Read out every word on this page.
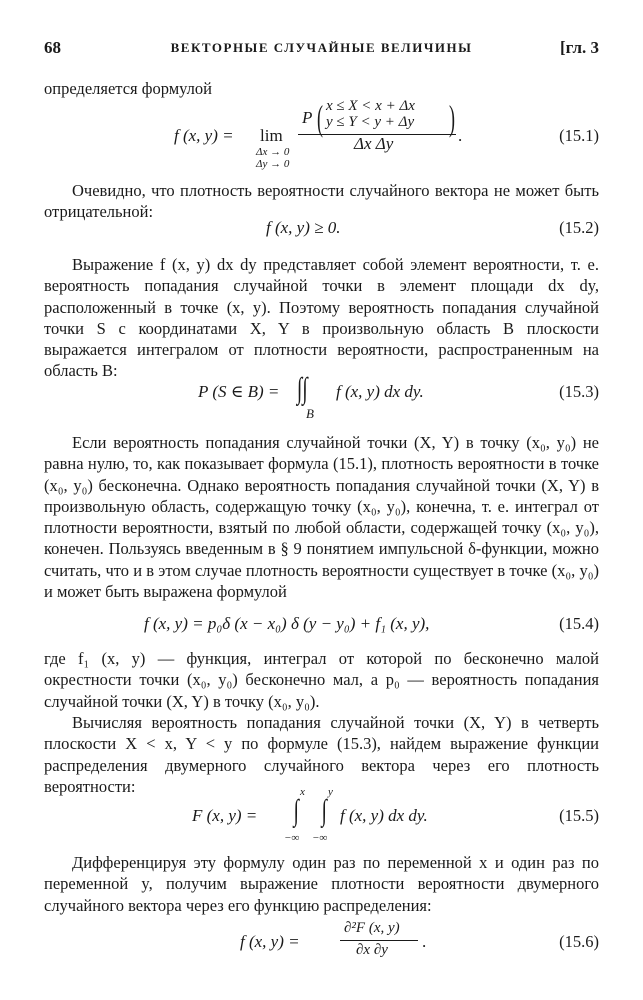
68	ВЕКТОРНЫЕ СЛУЧАЙНЫЕ ВЕЛИЧИНЫ	[гл. 3

определяется формулой

f (x, y) = lim
Δx → 0
Δy → 0
P ( x ≤ X < x + Δx
y ≤ Y < y + Δy )
Δx Δy	.	(15.1)

Очевидно, что плотность вероятности случайного вектора не может быть отрицательной:

f (x, y) ≥ 0.	(15.2)

Выражение f (x, y) dx dy представляет собой элемент вероятности, т. е. вероятность попадания случайной точки в элемент площади dx dy, расположенный в точке (x, y). Поэтому вероятность попадания случайной точки S с координатами X, Y в произвольную область B плоскости выражается интегралом от плотности вероятности, распространенным на область B:

P (S ∈ B) = ∫∫
B
f (x, y) dx dy.	(15.3)

Если вероятность попадания случайной точки (X, Y) в точку (x₀, y₀) не равна нулю, то, как показывает формула (15.1), плотность вероятности в точке (x₀, y₀) бесконечна. Однако вероятность попадания случайной точки (X, Y) в произвольную область, содержащую точку (x₀, y₀), конечна, т. е. интеграл от плотности вероятности, взятый по любой области, содержащей точку (x₀, y₀), конечен. Пользуясь введенным в § 9 понятием импульсной δ-функции, можно считать, что и в этом случае плотность вероятности существует в точке (x₀, y₀) и может быть выражена формулой

f (x, y) = p₀δ (x − x₀) δ (y − y₀) + f₁ (x, y),	(15.4)

где f₁ (x, y) — функция, интеграл от которой по бесконечно малой окрестности точки (x₀, y₀) бесконечно мал, а p₀ — вероятность попадания случайной точки (X, Y) в точку (x₀, y₀).

Вычисляя вероятность попадания случайной точки (X, Y) в четверть плоскости X < x, Y < y по формуле (15.3), найдем выражение функции распределения двумерного случайного вектора через его плотность вероятности:

F (x, y) =
x
∫
−∞
y
∫
−∞
f (x, y) dx dy.	(15.5)

Дифференцируя эту формулу один раз по переменной x и один раз по переменной y, получим выражение плотности вероятности двумерного случайного вектора через его функцию распределения:

f (x, y) =
∂²F (x, y)
∂x ∂y .	(15.6)
